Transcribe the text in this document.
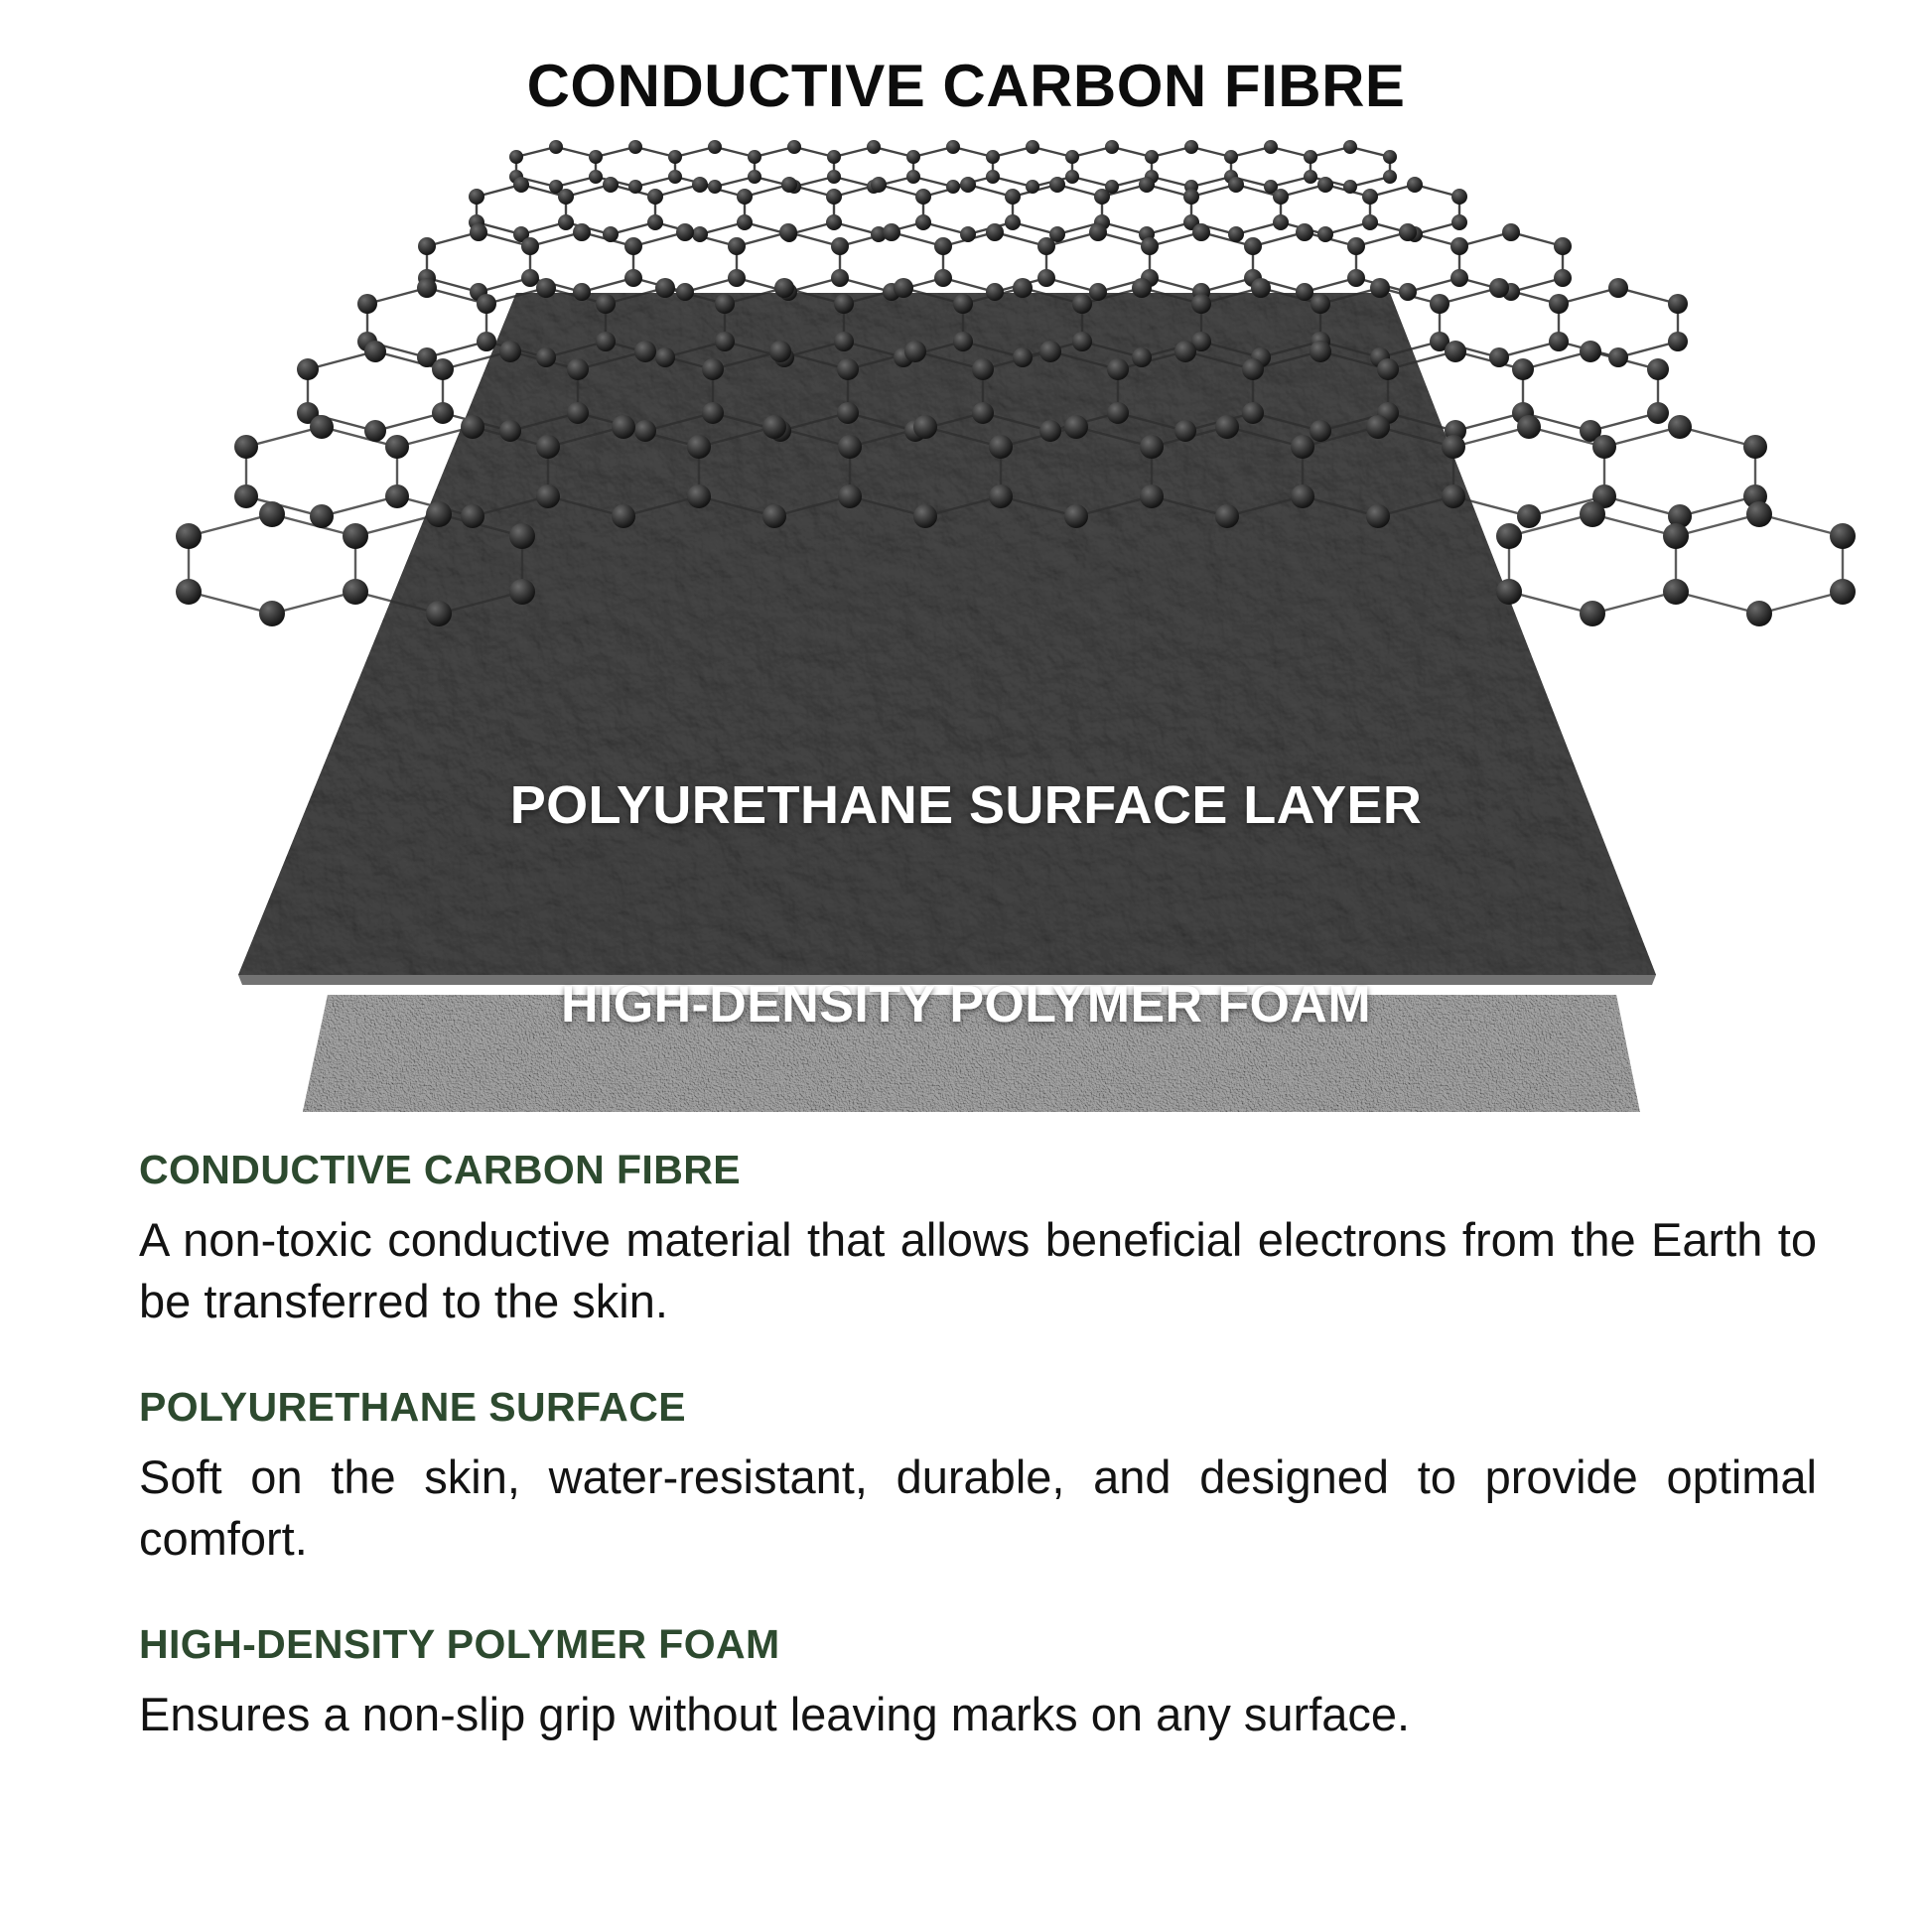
CONDUCTIVE CARBON FIBRE
POLYURETHANE SURFACE LAYER
HIGH-DENSITY POLYMER FOAM
CONDUCTIVE CARBON FIBRE
A non-toxic conductive material that allows beneficial electrons from the Earth to be transferred to the skin.
POLYURETHANE SURFACE
Soft on the skin, water-resistant, durable, and designed to provide optimal comfort.
HIGH-DENSITY POLYMER FOAM
Ensures a non-slip grip without leaving marks on any surface.
